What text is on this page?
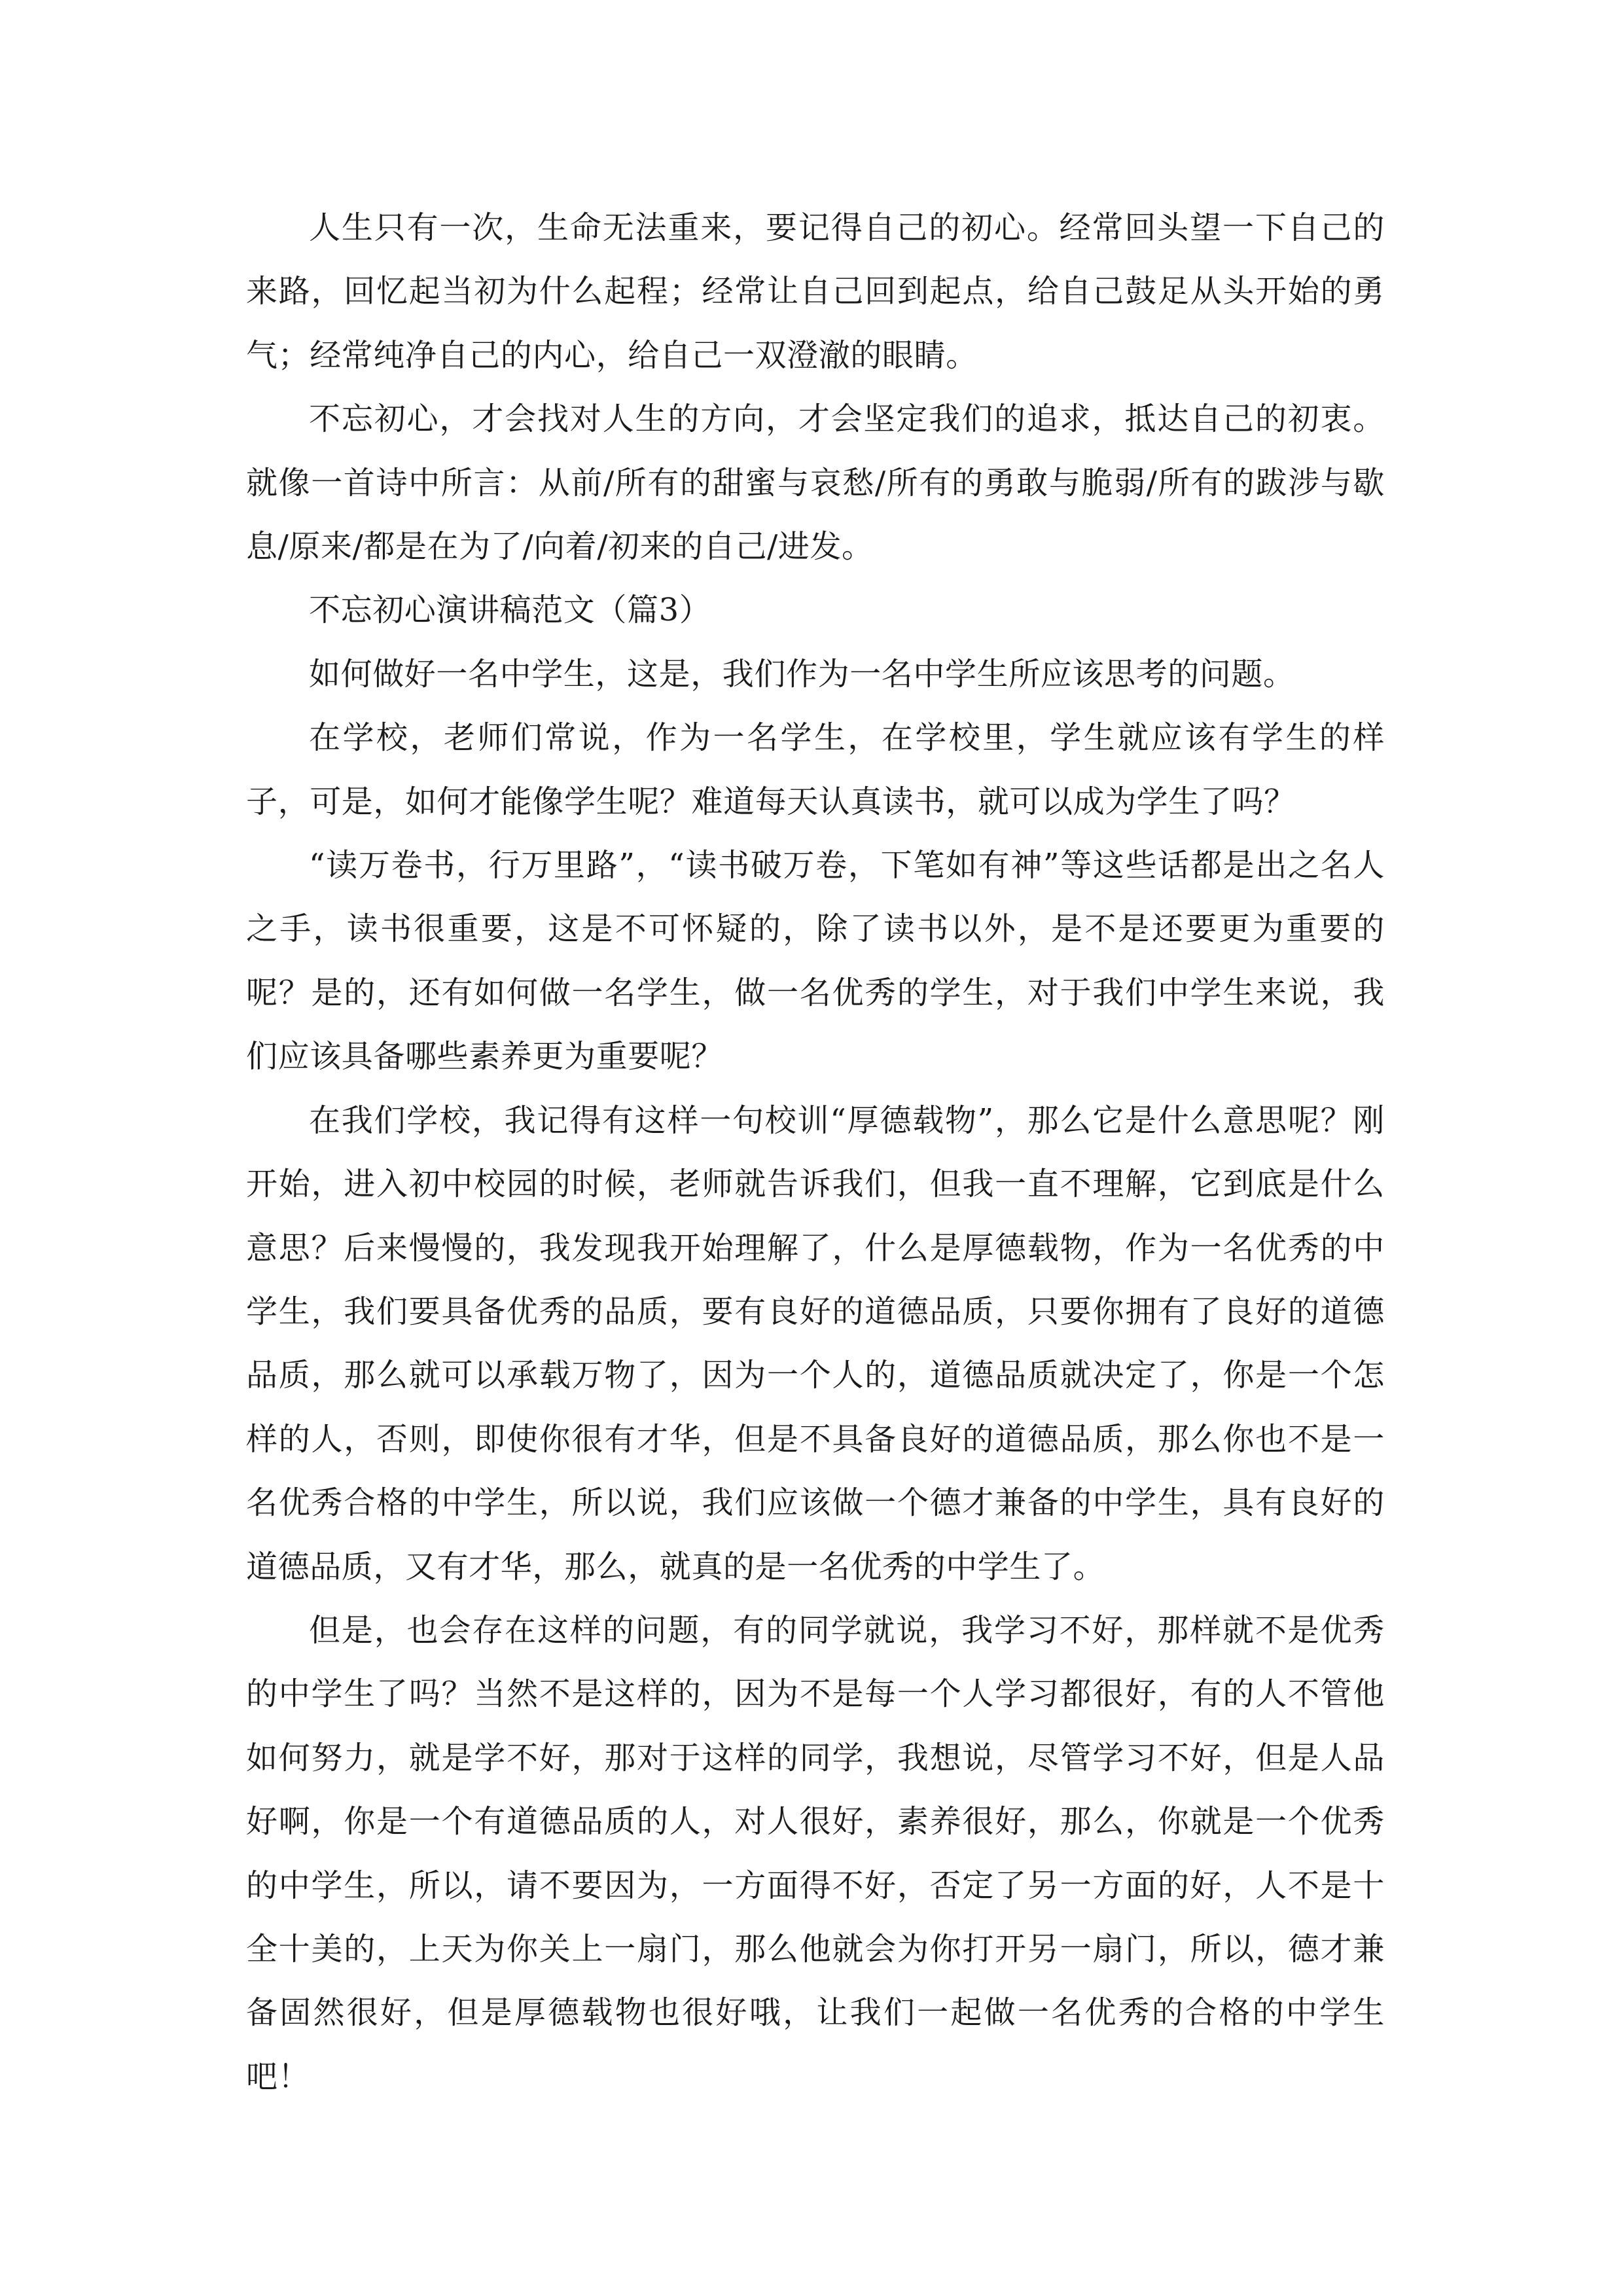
人生只有一次，生命无法重来，要记得自己的初心。经常回头望一下自己的来路，回忆起当初为什么起程；经常让自己回到起点，给自己鼓足从头开始的勇气；经常纯净自己的内心，给自己一双澄澈的眼睛。

不忘初心，才会找对人生的方向，才会坚定我们的追求，抵达自己的初衷。就像一首诗中所言：从前/所有的甜蜜与哀愁/所有的勇敢与脆弱/所有的跋涉与歇息/原来/都是在为了/向着/初来的自己/进发。

不忘初心演讲稿范文（篇3）

如何做好一名中学生，这是，我们作为一名中学生所应该思考的问题。

在学校，老师们常说，作为一名学生，在学校里，学生就应该有学生的样子，可是，如何才能像学生呢？难道每天认真读书，就可以成为学生了吗？

“读万卷书，行万里路”，“读书破万卷，下笔如有神”等这些话都是出之名人之手，读书很重要，这是不可怀疑的，除了读书以外，是不是还要更为重要的呢？是的，还有如何做一名学生，做一名优秀的学生，对于我们中学生来说，我们应该具备哪些素养更为重要呢？

在我们学校，我记得有这样一句校训“厚德载物”，那么它是什么意思呢？刚开始，进入初中校园的时候，老师就告诉我们，但我一直不理解，它到底是什么意思？后来慢慢的，我发现我开始理解了，什么是厚德载物，作为一名优秀的中学生，我们要具备优秀的品质，要有良好的道德品质，只要你拥有了良好的道德品质，那么就可以承载万物了，因为一个人的，道德品质就决定了，你是一个怎样的人，否则，即使你很有才华，但是不具备良好的道德品质，那么你也不是一名优秀合格的中学生，所以说，我们应该做一个德才兼备的中学生，具有良好的道德品质，又有才华，那么，就真的是一名优秀的中学生了。

但是，也会存在这样的问题，有的同学就说，我学习不好，那样就不是优秀的中学生了吗？当然不是这样的，因为不是每一个人学习都很好，有的人不管他如何努力，就是学不好，那对于这样的同学，我想说，尽管学习不好，但是人品好啊，你是一个有道德品质的人，对人很好，素养很好，那么，你就是一个优秀的中学生，所以，请不要因为，一方面得不好，否定了另一方面的好，人不是十全十美的，上天为你关上一扇门，那么他就会为你打开另一扇门，所以，德才兼备固然很好，但是厚德载物也很好哦，让我们一起做一名优秀的合格的中学生吧！
